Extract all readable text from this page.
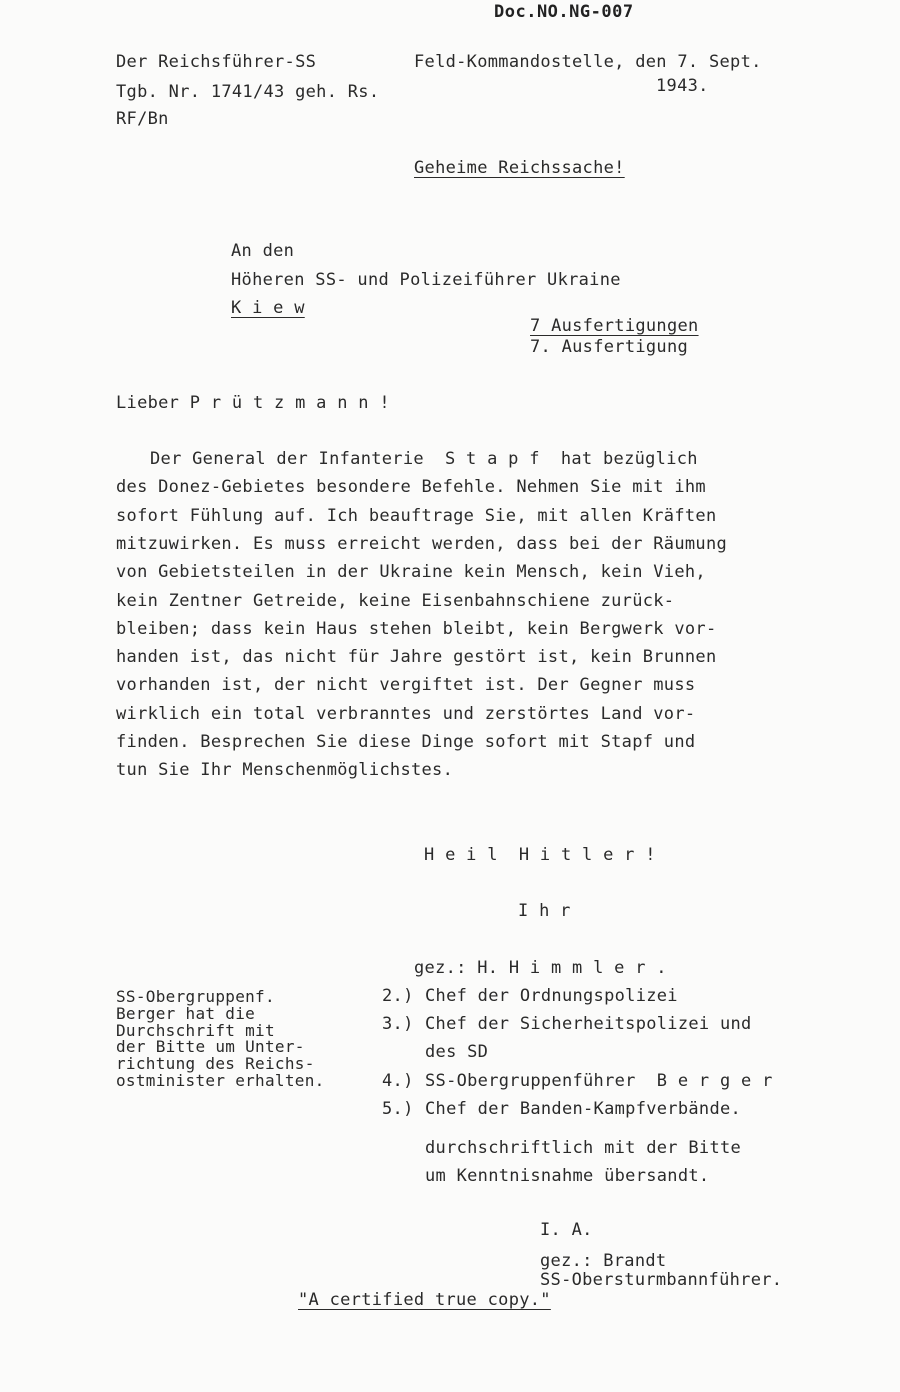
Doc.NO.NG-007
Der Reichsführer-SS
Tgb. Nr. 1741/43 geh. Rs.
RF/Bn
Feld-Kommandostelle, den 7. Sept.
1943.
Geheime Reichssache!
An den
Höheren SS- und Polizeiführer Ukraine
K i e w
7 Ausfertigungen
7. Ausfertigung
Lieber P r ü t z m a n n !
Der General der Infanterie  S t a p f  hat bezüglich
des Donez-Gebietes besondere Befehle. Nehmen Sie mit ihm
sofort Fühlung auf. Ich beauftrage Sie, mit allen Kräften
mitzuwirken. Es muss erreicht werden, dass bei der Räumung
von Gebietsteilen in der Ukraine kein Mensch, kein Vieh,
kein Zentner Getreide, keine Eisenbahnschiene zurück-
bleiben; dass kein Haus stehen bleibt, kein Bergwerk vor-
handen ist, das nicht für Jahre gestört ist, kein Brunnen
vorhanden ist, der nicht vergiftet ist. Der Gegner muss
wirklich ein total verbranntes und zerstörtes Land vor-
finden. Besprechen Sie diese Dinge sofort mit Stapf und
tun Sie Ihr Menschenmöglichstes.
H e i l  H i t l e r !
I h r
gez.: H. H i m m l e r .
SS-Obergruppenf.
Berger hat die
Durchschrift mit
der Bitte um Unter-
richtung des Reichs-
ostminister erhalten.
2.) Chef der Ordnungspolizei
3.) Chef der Sicherheitspolizei und
des SD
4.) SS-Obergruppenführer  B e r g e r
5.) Chef der Banden-Kampfverbände.
durchschriftlich mit der Bitte
um Kenntnisnahme übersandt.
I. A.
gez.: Brandt
SS-Obersturmbannführer.
"A certified true copy."
